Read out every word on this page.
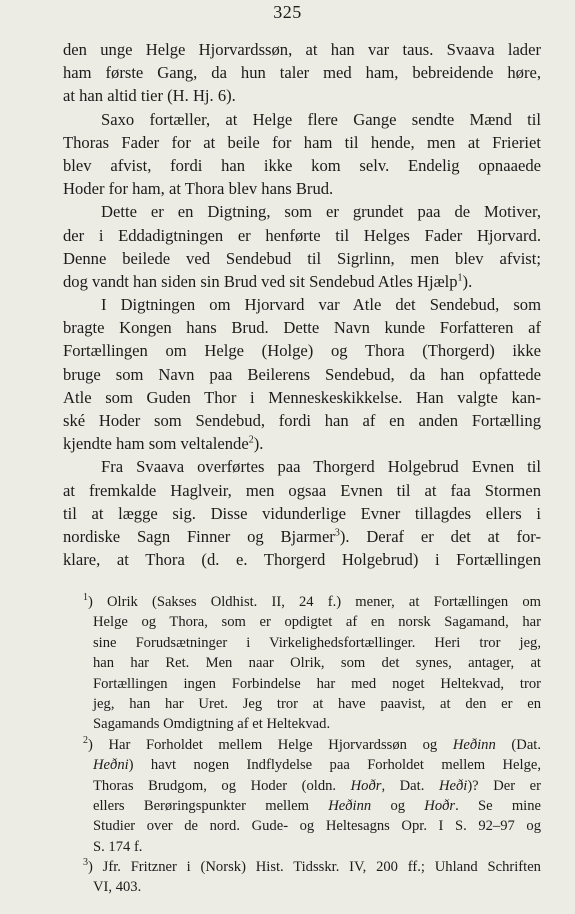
325
den unge Helge Hjorvardssøn, at han var taus. Svaava lader
ham første Gang, da hun taler med ham, bebreidende høre,
at han altid tier (H. Hj. 6).
Saxo fortæller, at Helge flere Gange sendte Mænd til
Thoras Fader for at beile for ham til hende, men at Frieriet
blev afvist, fordi han ikke kom selv. Endelig opnaaede
Hoder for ham, at Thora blev hans Brud.
Dette er en Digtning, som er grundet paa de Motiver,
der i Eddadigtningen er henførte til Helges Fader Hjorvard.
Denne beilede ved Sendebud til Sigrlinn, men blev afvist;
dog vandt han siden sin Brud ved sit Sendebud Atles Hjælp$^1$).
I Digtningen om Hjorvard var Atle det Sendebud, som
bragte Kongen hans Brud. Dette Navn kunde Forfatteren af
Fortællingen om Helge (Holge) og Thora (Thorgerd) ikke
bruge som Navn paa Beilerens Sendebud, da han opfattede
Atle som Guden Thor i Menneskeskikkelse. Han valgte kan-
ské Hoder som Sendebud, fordi han af en anden Fortælling
kjendte ham som veltalende$^2$).
Fra Svaava overførtes paa Thorgerd Holgebrud Evnen til
at fremkalde Haglveir, men ogsaa Evnen til at faa Stormen
til at lægge sig. Disse vidunderlige Evner tillagdes ellers i
nordiske Sagn Finner og Bjarmer$^3$). Deraf er det at for-
klare, at Thora (d. e. Thorgerd Holgebrud) i Fortællingen
$^1$) Olrik (Sakses Oldhist. II, 24 f.) mener, at Fortællingen om
Helge og Thora, som er opdigtet af en norsk Sagamand, har
sine Forudsætninger i Virkelighedsfortællinger. Heri tror jeg,
han har Ret. Men naar Olrik, som det synes, antager, at
Fortællingen ingen Forbindelse har med noget Heltekvad, tror
jeg, han har Uret. Jeg tror at have paavist, at den er en
Sagamands Omdigtning af et Heltekvad.
$^2$) Har Forholdet mellem Helge Hjorvardssøn og Heðinn (Dat.
Heðni) havt nogen Indflydelse paa Forholdet mellem Helge,
Thoras Brudgom, og Hoder (oldn. Hoðr, Dat. Heði)? Der er
ellers Berøringspunkter mellem Heðinn og Hoðr. Se mine
Studier over de nord. Gude- og Heltesagns Opr. I S. 92–97 og
S. 174 f.
$^3$) Jfr. Fritzner i (Norsk) Hist. Tidsskr. IV, 200 ff.; Uhland Schriften
VI, 403.
